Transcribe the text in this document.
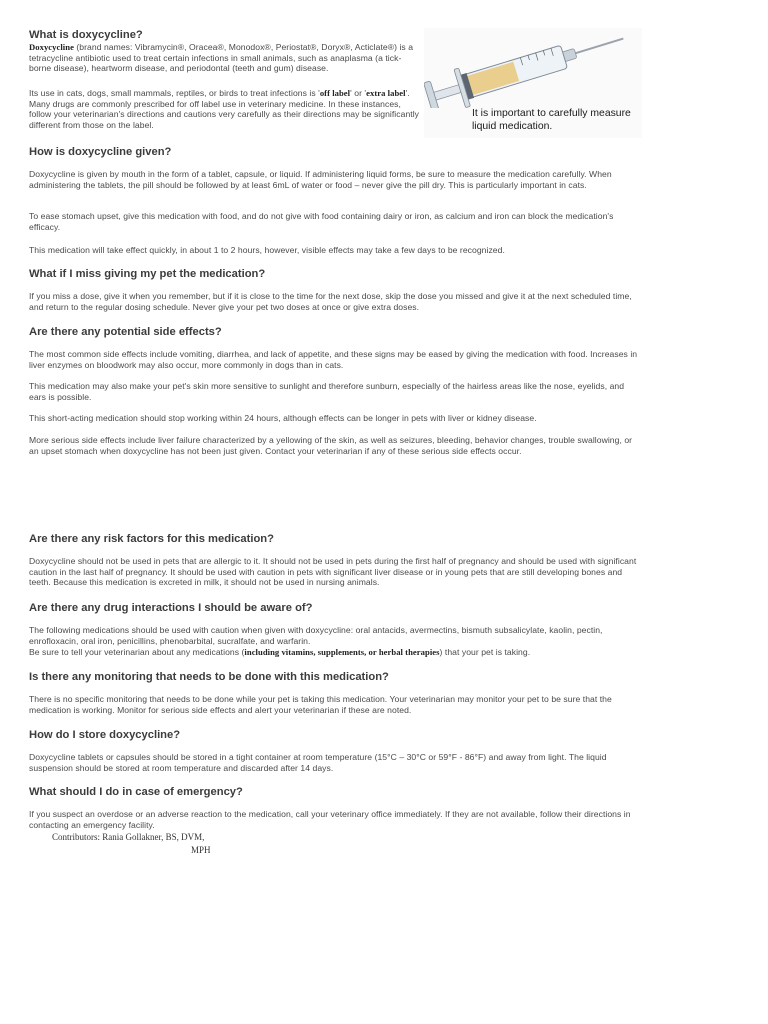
What is doxycycline?

Doxycycline (brand names: Vibramycin®, Oracea®, Monodox®, Periostat®, Doryx®, Acticlate®) is a tetracycline antibiotic used to treat certain infections in small animals, such as anaplasma (a tick-borne disease), heartworm disease, and periodontal (teeth and gum) disease.

Its use in cats, dogs, small mammals, reptiles, or birds to treat infections is 'off label' or 'extra label'. Many drugs are commonly prescribed for off label use in veterinary medicine. In these instances, follow your veterinarian's directions and cautions very carefully as their directions may be significantly different from those on the label.

It is important to carefully measure liquid medication.

How is doxycycline given?

Doxycycline is given by mouth in the form of a tablet, capsule, or liquid. If administering liquid forms, be sure to measure the medication carefully. When administering the tablets, the pill should be followed by at least 6mL of water or food – never give the pill dry. This is particularly important in cats.

To ease stomach upset, give this medication with food, and do not give with food containing dairy or iron, as calcium and iron can block the medication's efficacy.

This medication will take effect quickly, in about 1 to 2 hours, however, visible effects may take a few days to be recognized.

What if I miss giving my pet the medication?

If you miss a dose, give it when you remember, but if it is close to the time for the next dose, skip the dose you missed and give it at the next scheduled time, and return to the regular dosing schedule. Never give your pet two doses at once or give extra doses.

Are there any potential side effects?

The most common side effects include vomiting, diarrhea, and lack of appetite, and these signs may be eased by giving the medication with food. Increases in liver enzymes on bloodwork may also occur, more commonly in dogs than in cats.

This medication may also make your pet's skin more sensitive to sunlight and therefore sunburn, especially of the hairless areas like the nose, eyelids, and ears is possible.

This short-acting medication should stop working within 24 hours, although effects can be longer in pets with liver or kidney disease.

More serious side effects include liver failure characterized by a yellowing of the skin, as well as seizures, bleeding, behavior changes, trouble swallowing, or an upset stomach when doxycycline has not been just given. Contact your veterinarian if any of these serious side effects occur.

Are there any risk factors for this medication?

Doxycycline should not be used in pets that are allergic to it. It should not be used in pets during the first half of pregnancy and should be used with significant caution in the last half of pregnancy. It should be used with caution in pets with significant liver disease or in young pets that are still developing bones and teeth. Because this medication is excreted in milk, it should not be used in nursing animals.

Are there any drug interactions I should be aware of?

The following medications should be used with caution when given with doxycycline: oral antacids, avermectins, bismuth subsalicylate, kaolin, pectin, enrofloxacin, oral iron, penicillins, phenobarbital, sucralfate, and warfarin.

Be sure to tell your veterinarian about any medications (including vitamins, supplements, or herbal therapies) that your pet is taking.

Is there any monitoring that needs to be done with this medication?

There is no specific monitoring that needs to be done while your pet is taking this medication. Your veterinarian may monitor your pet to be sure that the medication is working. Monitor for serious side effects and alert your veterinarian if these are noted.

How do I store doxycycline?

Doxycycline tablets or capsules should be stored in a tight container at room temperature (15°C – 30°C or 59°F - 86°F) and away from light. The liquid suspension should be stored at room temperature and discarded after 14 days.

What should I do in case of emergency?

If you suspect an overdose or an adverse reaction to the medication, call your veterinary office immediately. If they are not available, follow their directions in contacting an emergency facility.

Contributors: Rania Gollakner, BS, DVM,

MPH
